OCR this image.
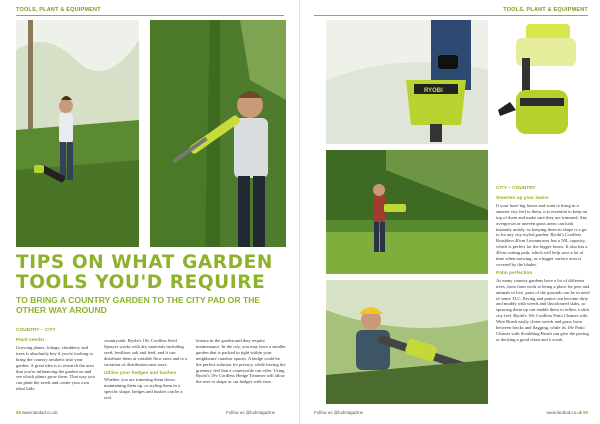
TOOLS, PLANT & EQUIPMENT
TIPS ON WHAT GARDEN TOOLS YOU'D REQUIRE
TO BRING A COUNTRY GARDEN TO THE CITY PAD OR THE OTHER WAY AROUND
COUNTRY – CITY
Plant seeds!
Growing plants, foliage, shrubbery and trees is absolutely key if you're looking to bring the country aesthetic into your garden. A great idea is to research the area that you're influencing the garden on and see which plants grow there. That way you can plant the seeds and create your own ideal little
countryside. Ryobi's 18v Cordless Seed Sprayer works with dry materials including seed, fertiliser, salt and feed, and it can distribute them at variable flow rates and to a variation of distribution area sizes.
Utilise your hedges and bushes
Whether you are trimming them down, maintaining them up, or styling them in a specific shape, hedges and bushes can be a real
feature in the garden and they require maintenance. In the city, you may have a smaller garden that is packed in tight within your neighbours' outdoor spaces. A hedge could be the perfect solution for privacy, while having the greenery feel that a countryside can offer. Using Ryobi's 18v Cordless Hedge Trimmer will allow the user to shape or cut hedges with ease.
68 www.landud.co.uk	Follow us @ludmagazine
TOOLS, PLANT & EQUIPMENT
RYOBI
CITY – COUNTRY
Smarten up your lawns
If your have big lawns and want to bring in a smarter city feel to them, it is essential to keep on top of them and make sure they are trimmed. Any overgrown or uneven grass areas can look instantly untidy, so keeping them in shape is a go-to for any city-styled garden. Ryobi's Cordless Brushless 40cm Lawnmower has a 50L capacity, which is perfect for the bigger lawns. It also has a 40cm cutting path, which will help save a lot of time when mowing, as a bigger surface area is covered by the blades.
Patio perfection
As many country gardens have a lot of different trees, from farm work to being a place for pets and animals to live, parts of the grounds can be in need of some TLC. Paving and patios can become dirty and muddy with weeds and discoloured slabs, so sprucing them up can enable them to reflect a slick city feel. Ryobi's 18v Cordless Patio Cleaner with Wire Brush easily clears weeds and grass from between bricks and flagging, while its 18v Patio Cleaner with Scrubbing Brush can give the paving or decking a good clean and a scrub.
Follow us @ludmagazine	www.landud.co.uk 69
